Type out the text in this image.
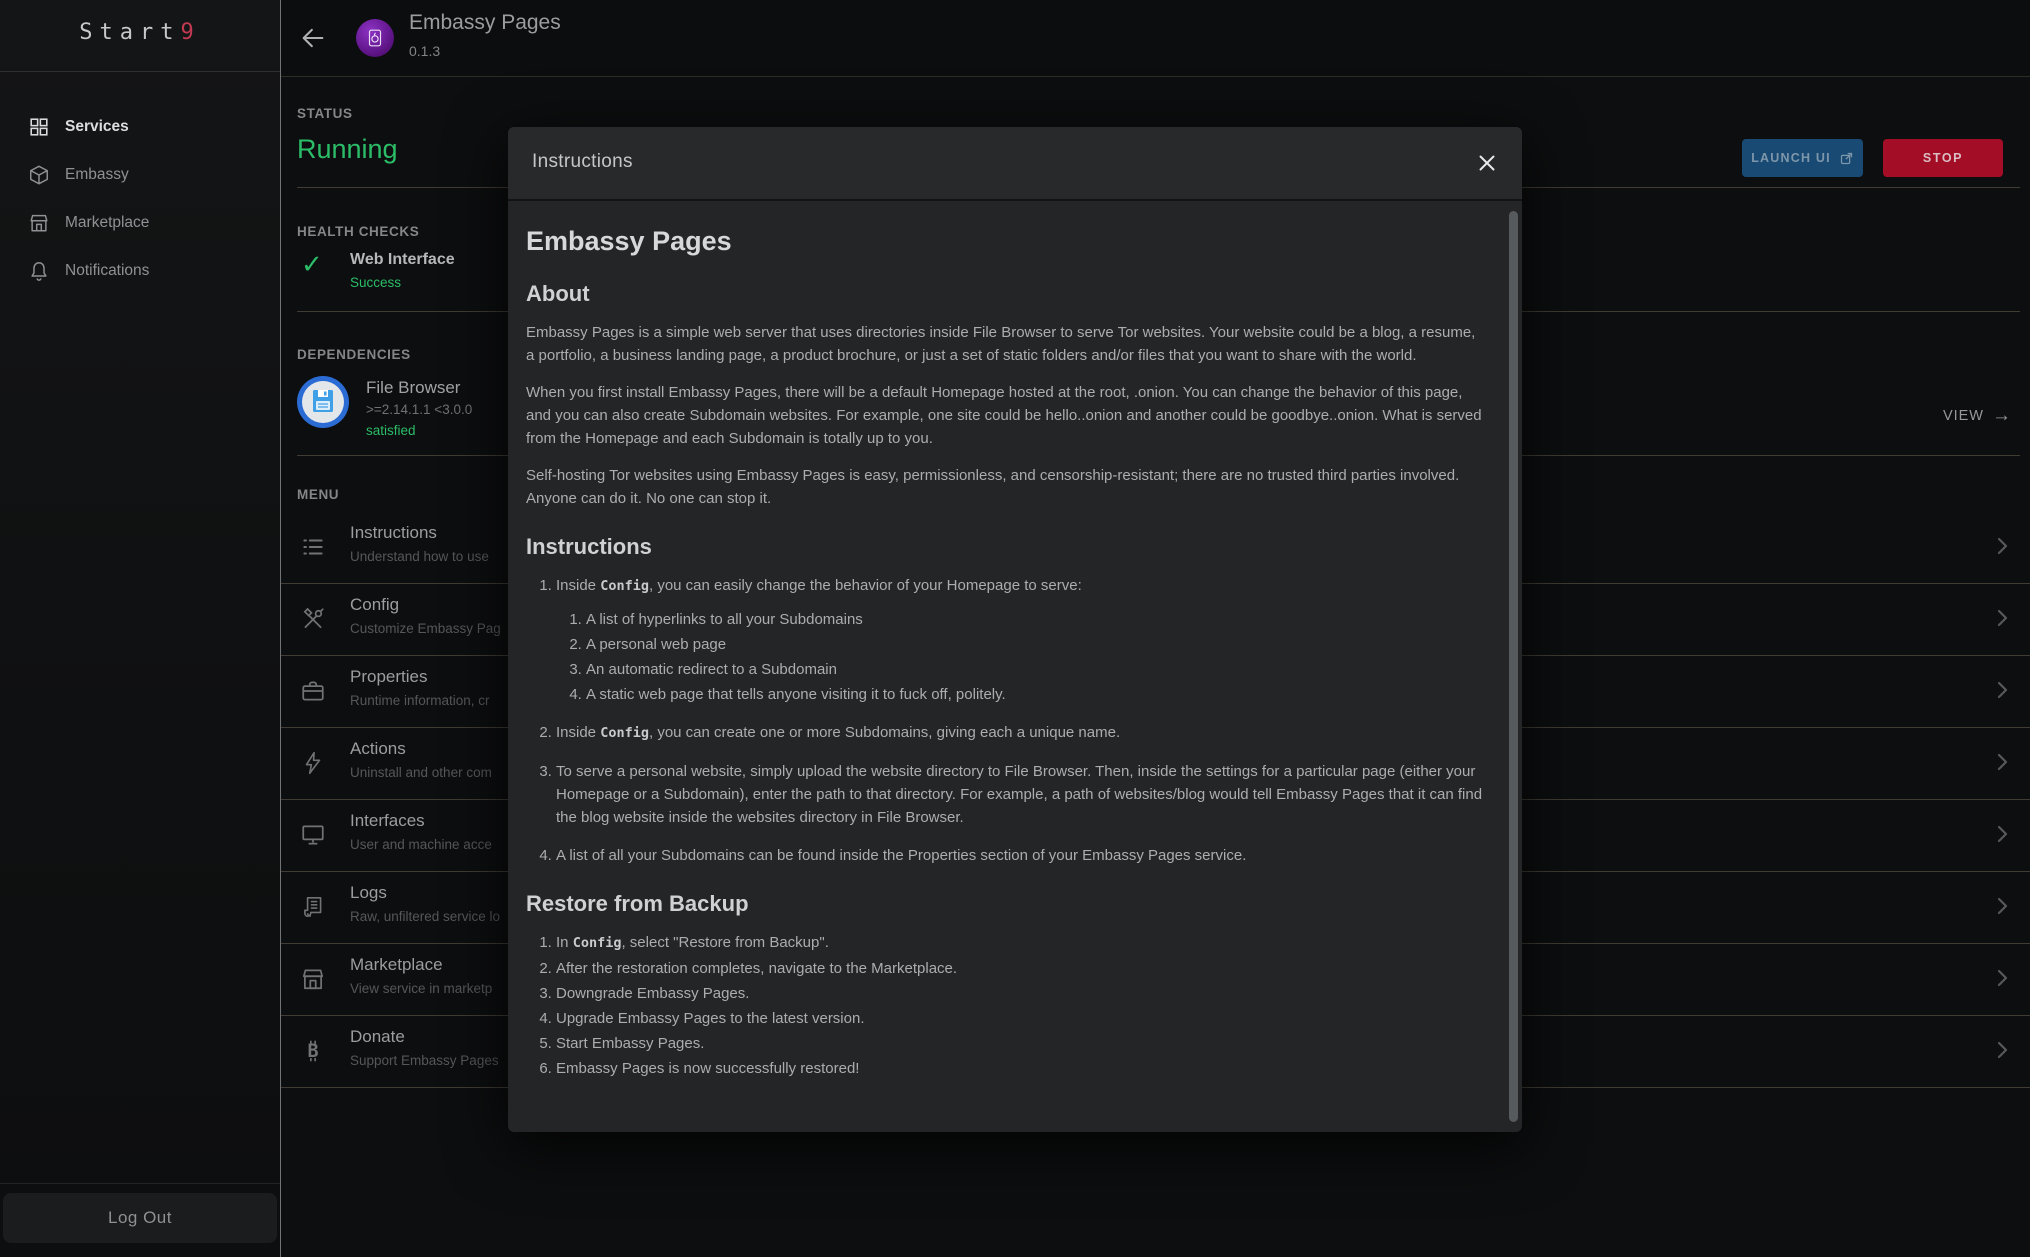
Start9
Services
Embassy
Marketplace
Notifications
Log Out
Embassy Pages
0.1.3
STATUS
Running	LAUNCH UI	STOP
HEALTH CHECKS
✓ Web Interface
Success
DEPENDENCIES
File Browser
>=2.14.1.1 <3.0.0
satisfied
VIEW →
MENU
Instructions
Understand how to use
Config
Customize Embassy Pag
Properties
Runtime information, cr
Actions
Uninstall and other com
Interfaces
User and machine acce
Logs
Raw, unfiltered service lo
Marketplace
View service in marketp
B
Donate
Support Embassy Pages
Instructions
Embassy Pages
About

Embassy Pages is a simple web server that uses directories inside File Browser to serve Tor websites. Your website could be a blog, a resume, a portfolio, a business landing page, a product brochure, or just a set of static folders and/or files that you want to share with the world.

When you first install Embassy Pages, there will be a default Homepage hosted at the root, .onion. You can change the behavior of this page, and you can also create Subdomain websites. For example, one site could be hello..onion and another could be goodbye..onion. What is served from the Homepage and each Subdomain is totally up to you.

Self-hosting Tor websites using Embassy Pages is easy, permissionless, and censorship-resistant; there are no trusted third parties involved. Anyone can do it. No one can stop it.

Instructions
1. Inside Config, you can easily change the behavior of your Homepage to serve:
1. A list of hyperlinks to all your Subdomains
2. A personal web page
3. An automatic redirect to a Subdomain
4. A static web page that tells anyone visiting it to fuck off, politely.
2. Inside Config, you can create one or more Subdomains, giving each a unique name.
3. To serve a personal website, simply upload the website directory to File Browser. Then, inside the settings for a particular page (either your Homepage or a Subdomain), enter the path to that directory. For example, a path of websites/blog would tell Embassy Pages that it can find the blog website inside the websites directory in File Browser.
4. A list of all your Subdomains can be found inside the Properties section of your Embassy Pages service.
Restore from Backup
1. In Config, select "Restore from Backup".
2. After the restoration completes, navigate to the Marketplace.
3. Downgrade Embassy Pages.
4. Upgrade Embassy Pages to the latest version.
5. Start Embassy Pages.
6. Embassy Pages is now successfully restored!
